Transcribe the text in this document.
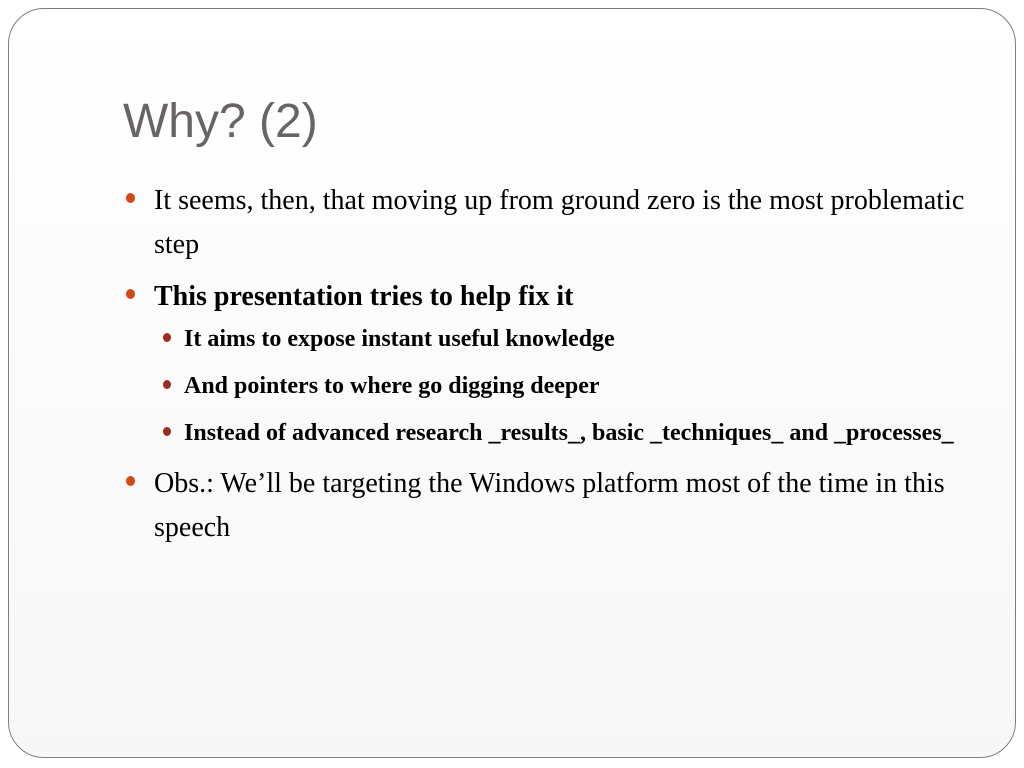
Why? (2)
It seems, then, that moving up from ground zero is the most problematic step
This presentation tries to help fix it
It aims to expose instant useful knowledge
And pointers to where go digging deeper
Instead of advanced research _results_, basic _techniques_ and _processes_
Obs.: We’ll be targeting the Windows platform most of the time in this speech
